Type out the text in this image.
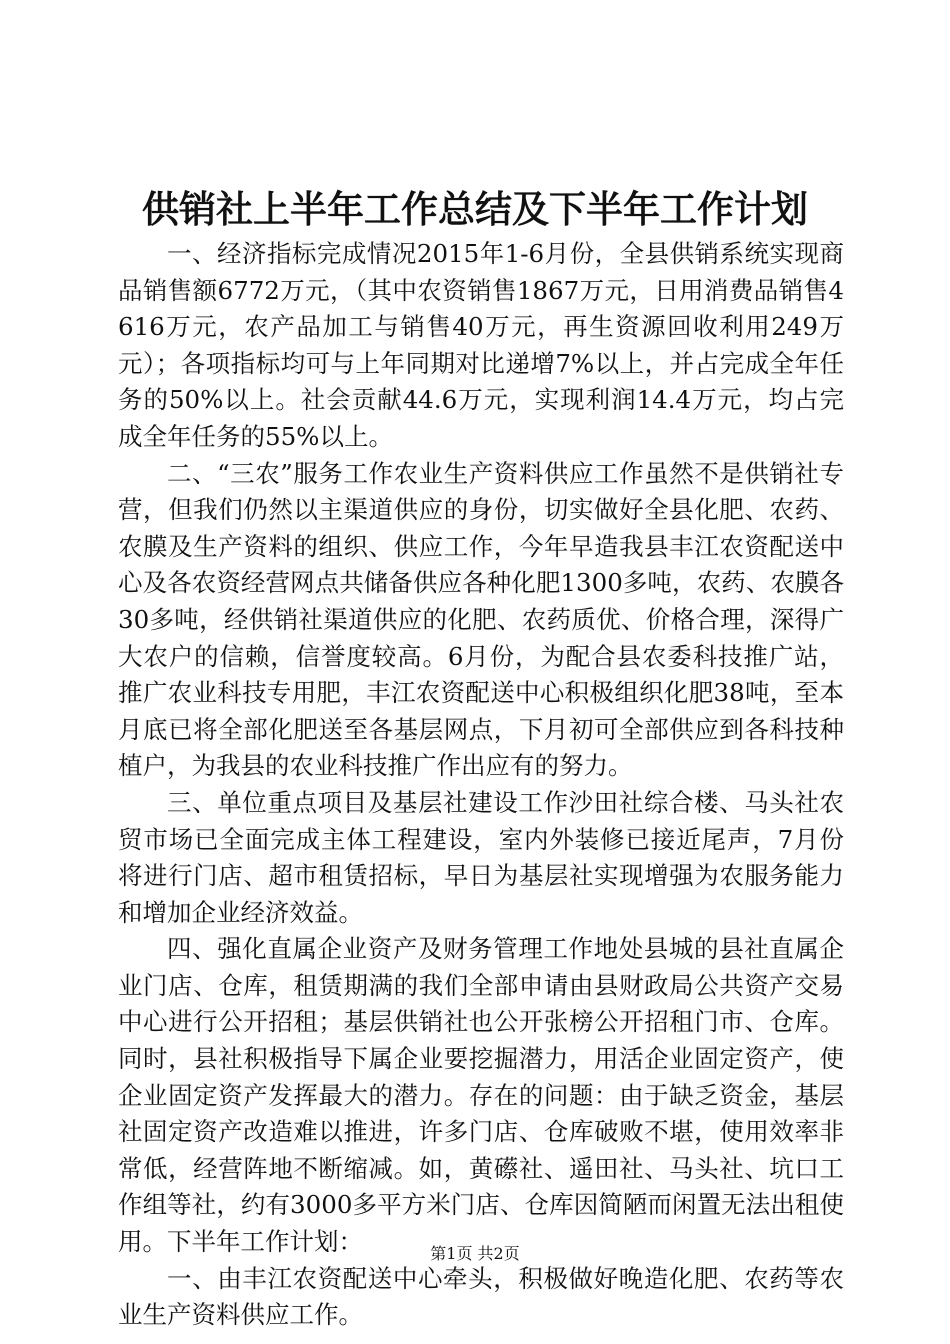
供销社上半年工作总结及下半年工作计划

一、经济指标完成情况2015年1-6月份，全县供销系统实现商品销售额6772万元，（其中农资销售1867万元，日用消费品销售4616万元，农产品加工与销售40万元，再生资源回收利用249万元）；各项指标均可与上年同期对比递增7%以上，并占完成全年任务的50%以上。社会贡献44.6万元，实现利润14.4万元，均占完成全年任务的55%以上。

二、“三农”服务工作农业生产资料供应工作虽然不是供销社专营，但我们仍然以主渠道供应的身份，切实做好全县化肥、农药、农膜及生产资料的组织、供应工作，今年早造我县丰江农资配送中心及各农资经营网点共储备供应各种化肥1300多吨，农药、农膜各30多吨，经供销社渠道供应的化肥、农药质优、价格合理，深得广大农户的信赖，信誉度较高。6月份，为配合县农委科技推广站，推广农业科技专用肥，丰江农资配送中心积极组织化肥38吨，至本月底已将全部化肥送至各基层网点，下月初可全部供应到各科技种植户，为我县的农业科技推广作出应有的努力。

三、单位重点项目及基层社建设工作沙田社综合楼、马头社农贸市场已全面完成主体工程建设，室内外装修已接近尾声，7月份将进行门店、超市租赁招标，早日为基层社实现增强为农服务能力和增加企业经济效益。

四、强化直属企业资产及财务管理工作地处县城的县社直属企业门店、仓库，租赁期满的我们全部申请由县财政局公共资产交易中心进行公开招租；基层供销社也公开张榜公开招租门市、仓库。同时，县社积极指导下属企业要挖掘潜力，用活企业固定资产，使企业固定资产发挥最大的潜力。存在的问题：由于缺乏资金，基层社固定资产改造难以推进，许多门店、仓库破败不堪，使用效率非常低，经营阵地不断缩减。如，黄礤社、遥田社、马头社、坑口工作组等社，约有3000多平方米门店、仓库因简陋而闲置无法出租使用。下半年工作计划：

一、由丰江农资配送中心牵头，积极做好晚造化肥、农药等农业生产资料供应工作。

第1页 共2页
